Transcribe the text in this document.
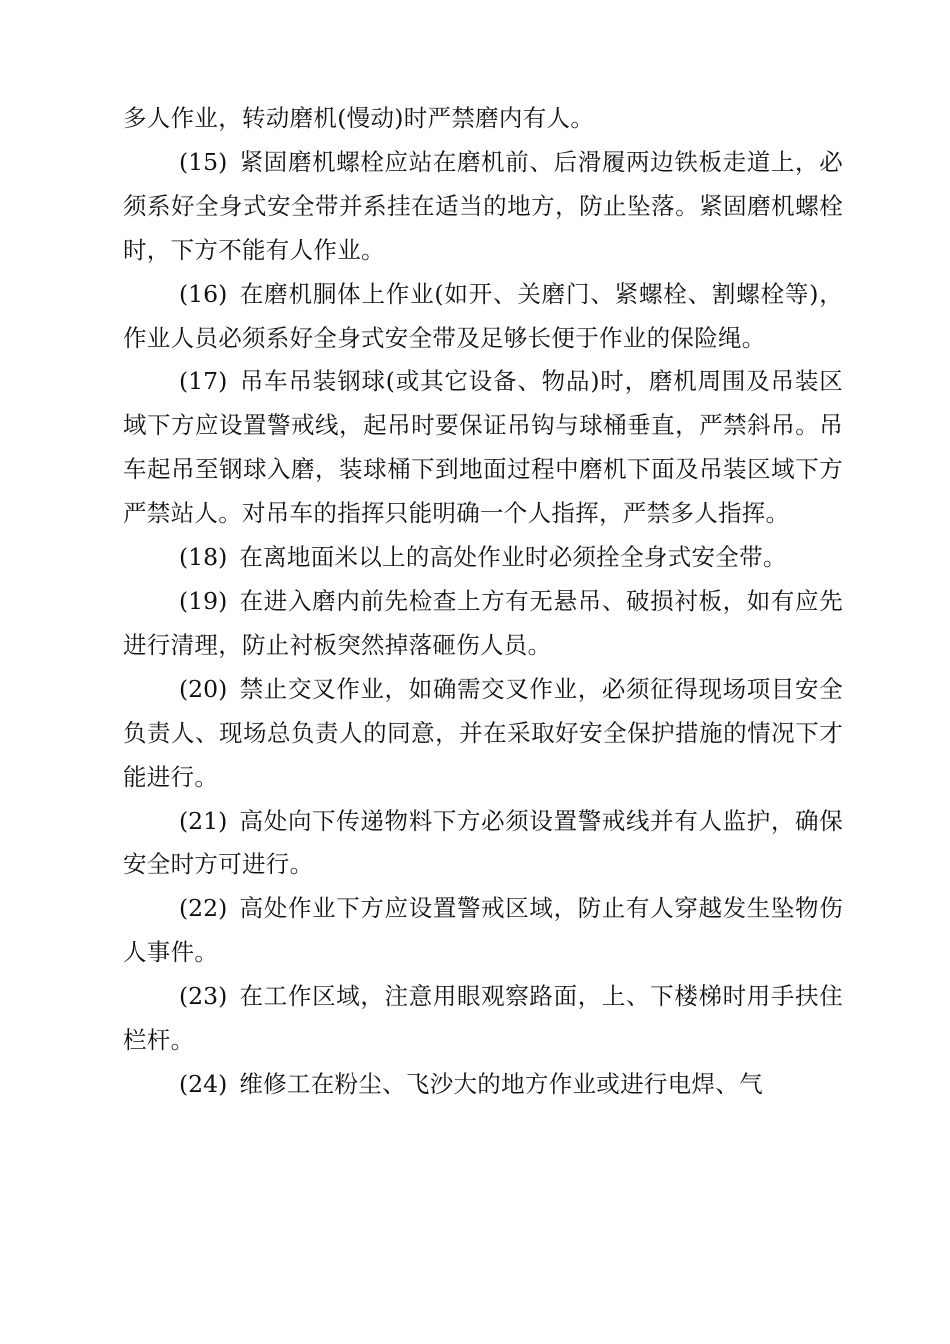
多人作业，转动磨机(慢动)时严禁磨内有人。

(15)  紧固磨机螺栓应站在磨机前、后滑履两边铁板走道上，必须系好全身式安全带并系挂在适当的地方，防止坠落。紧固磨机螺栓时，下方不能有人作业。

(16)  在磨机胴体上作业(如开、关磨门、紧螺栓、割螺栓等)，作业人员必须系好全身式安全带及足够长便于作业的保险绳。

(17)  吊车吊装钢球(或其它设备、物品)时，磨机周围及吊装区域下方应设置警戒线，起吊时要保证吊钩与球桶垂直，严禁斜吊。吊车起吊至钢球入磨，装球桶下到地面过程中磨机下面及吊装区域下方严禁站人。对吊车的指挥只能明确一个人指挥，严禁多人指挥。

(18)  在离地面米以上的高处作业时必须拴全身式安全带。

(19)  在进入磨内前先检查上方有无悬吊、破损衬板，如有应先进行清理，防止衬板突然掉落砸伤人员。

(20)  禁止交叉作业，如确需交叉作业，必须征得现场项目安全负责人、现场总负责人的同意，并在采取好安全保护措施的情况下才能进行。

(21)  高处向下传递物料下方必须设置警戒线并有人监护，确保安全时方可进行。

(22)  高处作业下方应设置警戒区域，防止有人穿越发生坠物伤人事件。

(23)  在工作区域，注意用眼观察路面，上、下楼梯时用手扶住栏杆。

(24)  维修工在粉尘、飞沙大的地方作业或进行电焊、气
